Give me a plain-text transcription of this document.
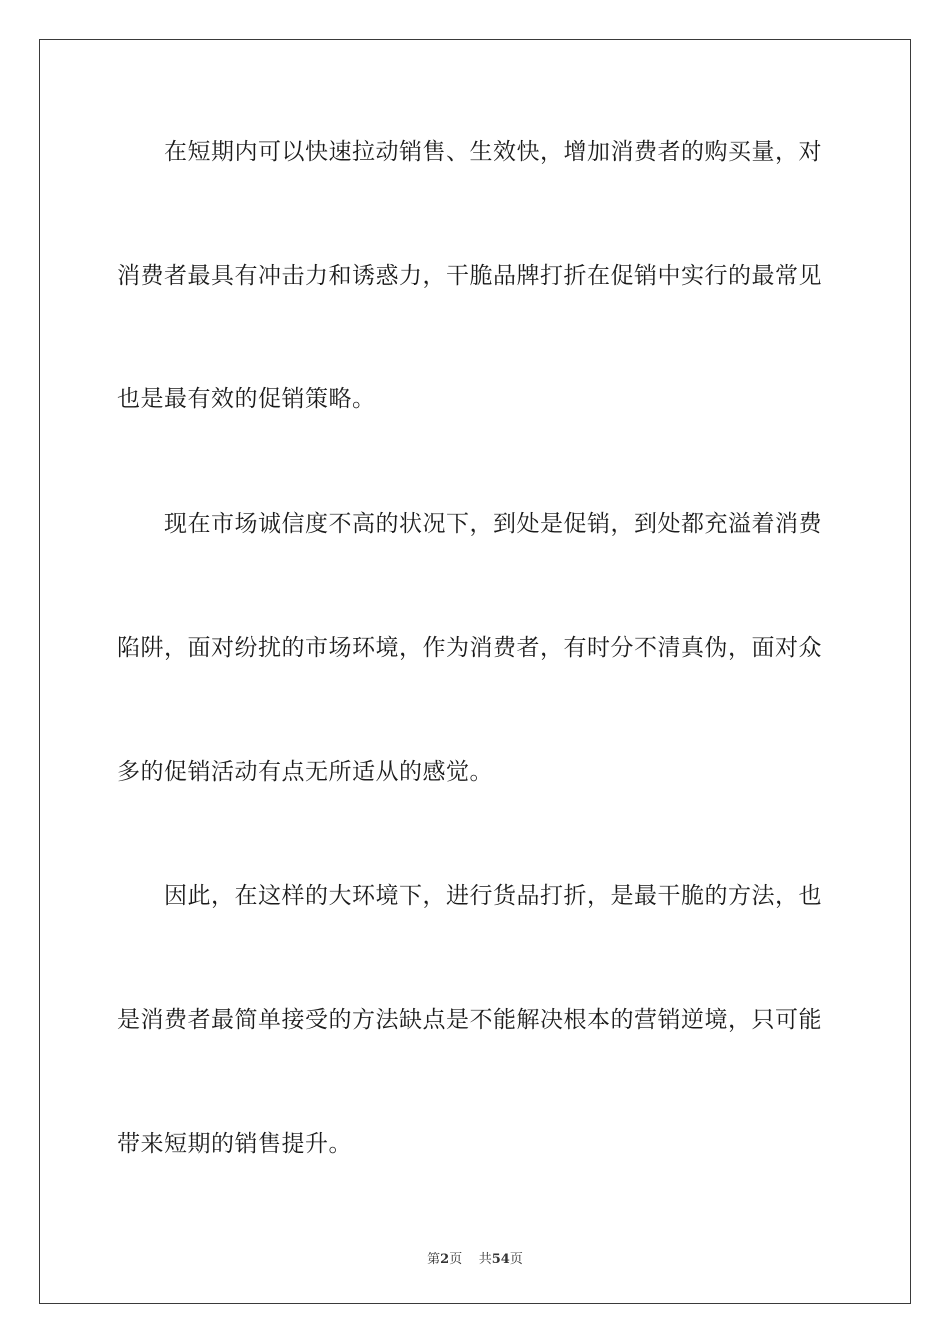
在短期内可以快速拉动销售、生效快，增加消费者的购买量，对
消费者最具有冲击力和诱惑力，干脆品牌打折在促销中实行的最常见
也是最有效的促销策略。
现在市场诚信度不高的状况下，到处是促销，到处都充溢着消费
陷阱，面对纷扰的市场环境，作为消费者，有时分不清真伪，面对众
多的促销活动有点无所适从的感觉。
因此，在这样的大环境下，进行货品打折，是最干脆的方法，也
是消费者最简单接受的方法缺点是不能解决根本的营销逆境，只可能
带来短期的销售提升。
第2页 共54页
